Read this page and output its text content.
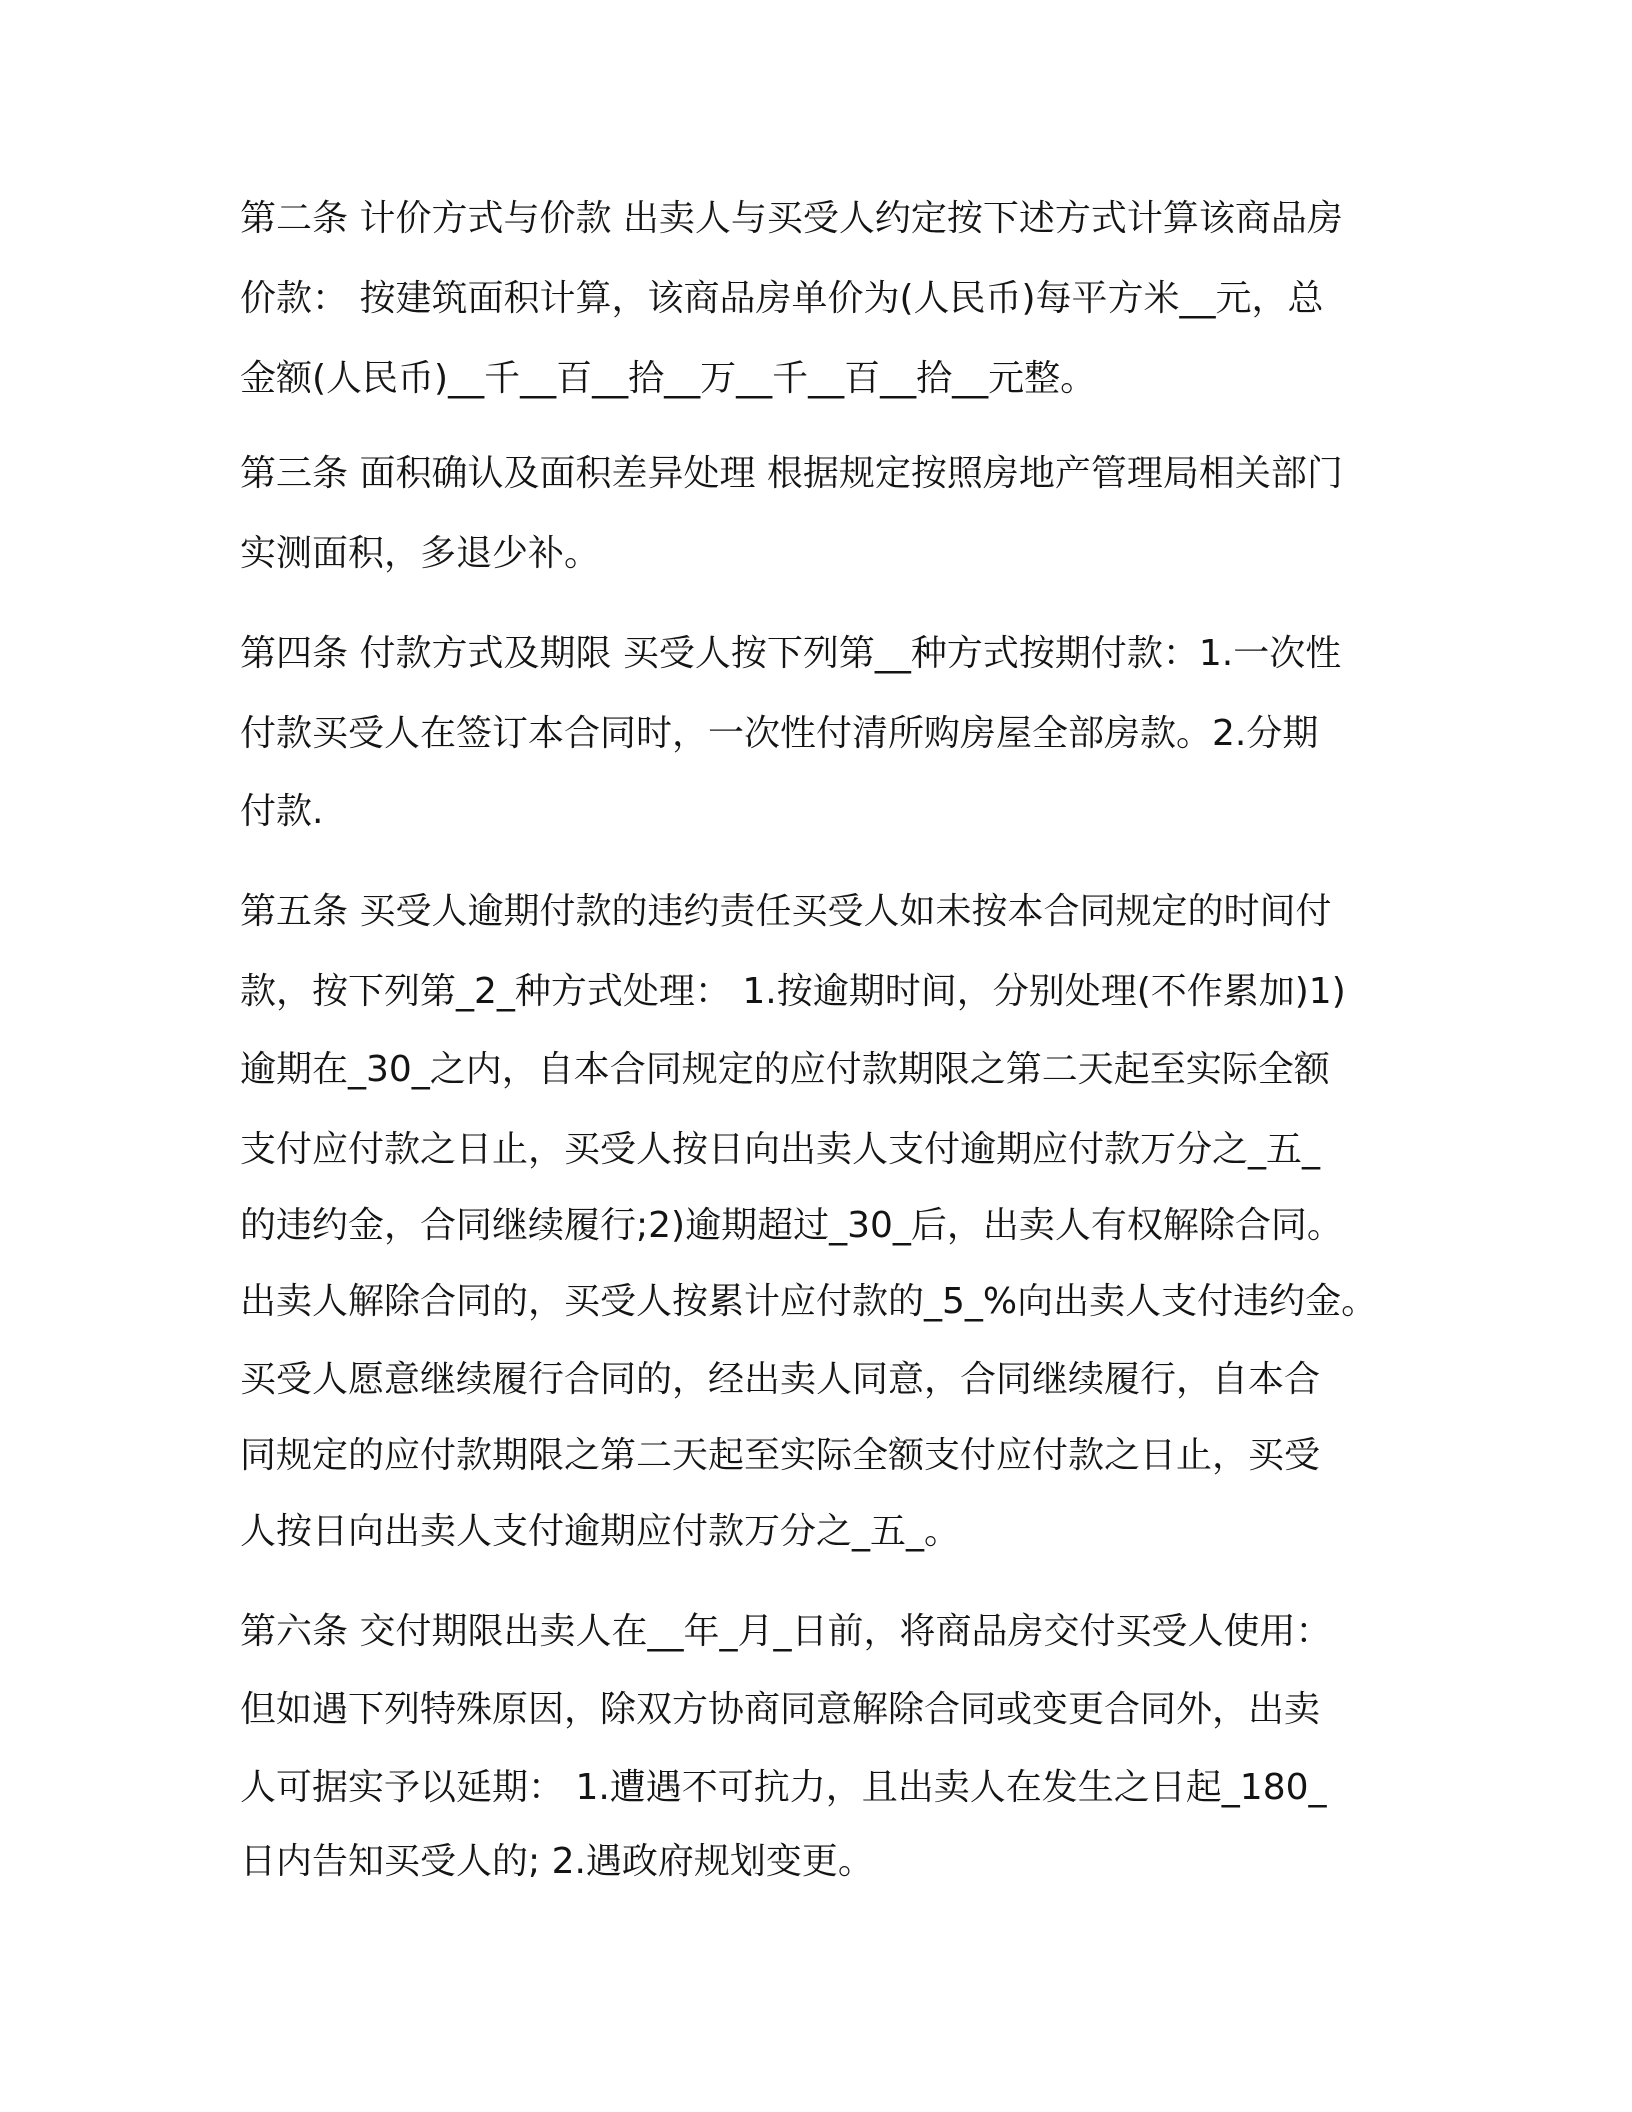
第二条 计价方式与价款 出卖人与买受人约定按下述方式计算该商品房
价款： 按建筑面积计算，该商品房单价为(人民币)每平方米__元，总
金额(人民币)__千__百__拾__万__千__百__拾__元整。
第三条 面积确认及面积差异处理 根据规定按照房地产管理局相关部门
实测面积，多退少补。
第四条 付款方式及期限 买受人按下列第__种方式按期付款：1.一次性
付款买受人在签订本合同时，一次性付清所购房屋全部房款。2.分期
付款.
第五条 买受人逾期付款的违约责任买受人如未按本合同规定的时间付
款，按下列第_2_种方式处理： 1.按逾期时间，分别处理(不作累加)1)
逾期在_30_之内，自本合同规定的应付款期限之第二天起至实际全额
支付应付款之日止，买受人按日向出卖人支付逾期应付款万分之_五_
的违约金，合同继续履行;2)逾期超过_30_后，出卖人有权解除合同。
出卖人解除合同的，买受人按累计应付款的_5_%向出卖人支付违约金。
买受人愿意继续履行合同的，经出卖人同意，合同继续履行，自本合
同规定的应付款期限之第二天起至实际全额支付应付款之日止，买受
人按日向出卖人支付逾期应付款万分之_五_。
第六条 交付期限出卖人在__年_月_日前，将商品房交付买受人使用：
但如遇下列特殊原因，除双方协商同意解除合同或变更合同外，出卖
人可据实予以延期： 1.遭遇不可抗力，且出卖人在发生之日起_180_
日内告知买受人的; 2.遇政府规划变更。
